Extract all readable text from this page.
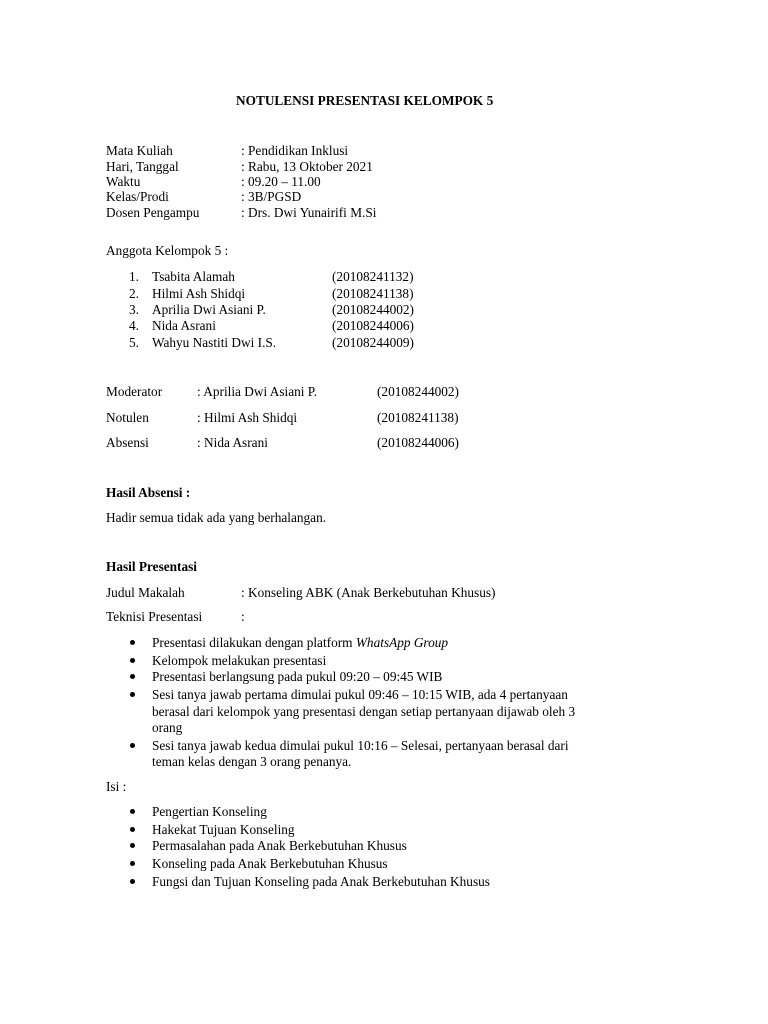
NOTULENSI PRESENTASI KELOMPOK 5
Mata Kuliah	: Pendidikan Inklusi
Hari, Tanggal	: Rabu, 13 Oktober 2021
Waktu	: 09.20 – 11.00
Kelas/Prodi	: 3B/PGSD
Dosen Pengampu	: Drs. Dwi Yunairifi M.Si
Anggota Kelompok 5 :
1. Tsabita Alamah	(20108241132)
2. Hilmi Ash Shidqi	(20108241138)
3. Aprilia Dwi Asiani P.	(20108244002)
4. Nida Asrani	(20108244006)
5. Wahyu Nastiti Dwi I.S.	(20108244009)
Moderator	: Aprilia Dwi Asiani P.	(20108244002)
Notulen	: Hilmi Ash Shidqi	(20108241138)
Absensi	: Nida Asrani	(20108244006)
Hasil Absensi :
Hadir semua tidak ada yang berhalangan.
Hasil Presentasi
Judul Makalah	: Konseling ABK (Anak Berkebutuhan Khusus)
Teknisi Presentasi	:
Presentasi dilakukan dengan platform WhatsApp Group
Kelompok melakukan presentasi
Presentasi berlangsung pada pukul 09:20 – 09:45 WIB
Sesi tanya jawab pertama dimulai pukul 09:46 – 10:15 WIB, ada 4 pertanyaan
berasal dari kelompok yang presentasi dengan setiap pertanyaan dijawab oleh 3
orang
Sesi tanya jawab kedua dimulai pukul 10:16 – Selesai, pertanyaan berasal dari
teman kelas dengan 3 orang penanya.
Isi :
Pengertian Konseling
Hakekat Tujuan Konseling
Permasalahan pada Anak Berkebutuhan Khusus
Konseling pada Anak Berkebutuhan Khusus
Fungsi dan Tujuan Konseling pada Anak Berkebutuhan Khusus
